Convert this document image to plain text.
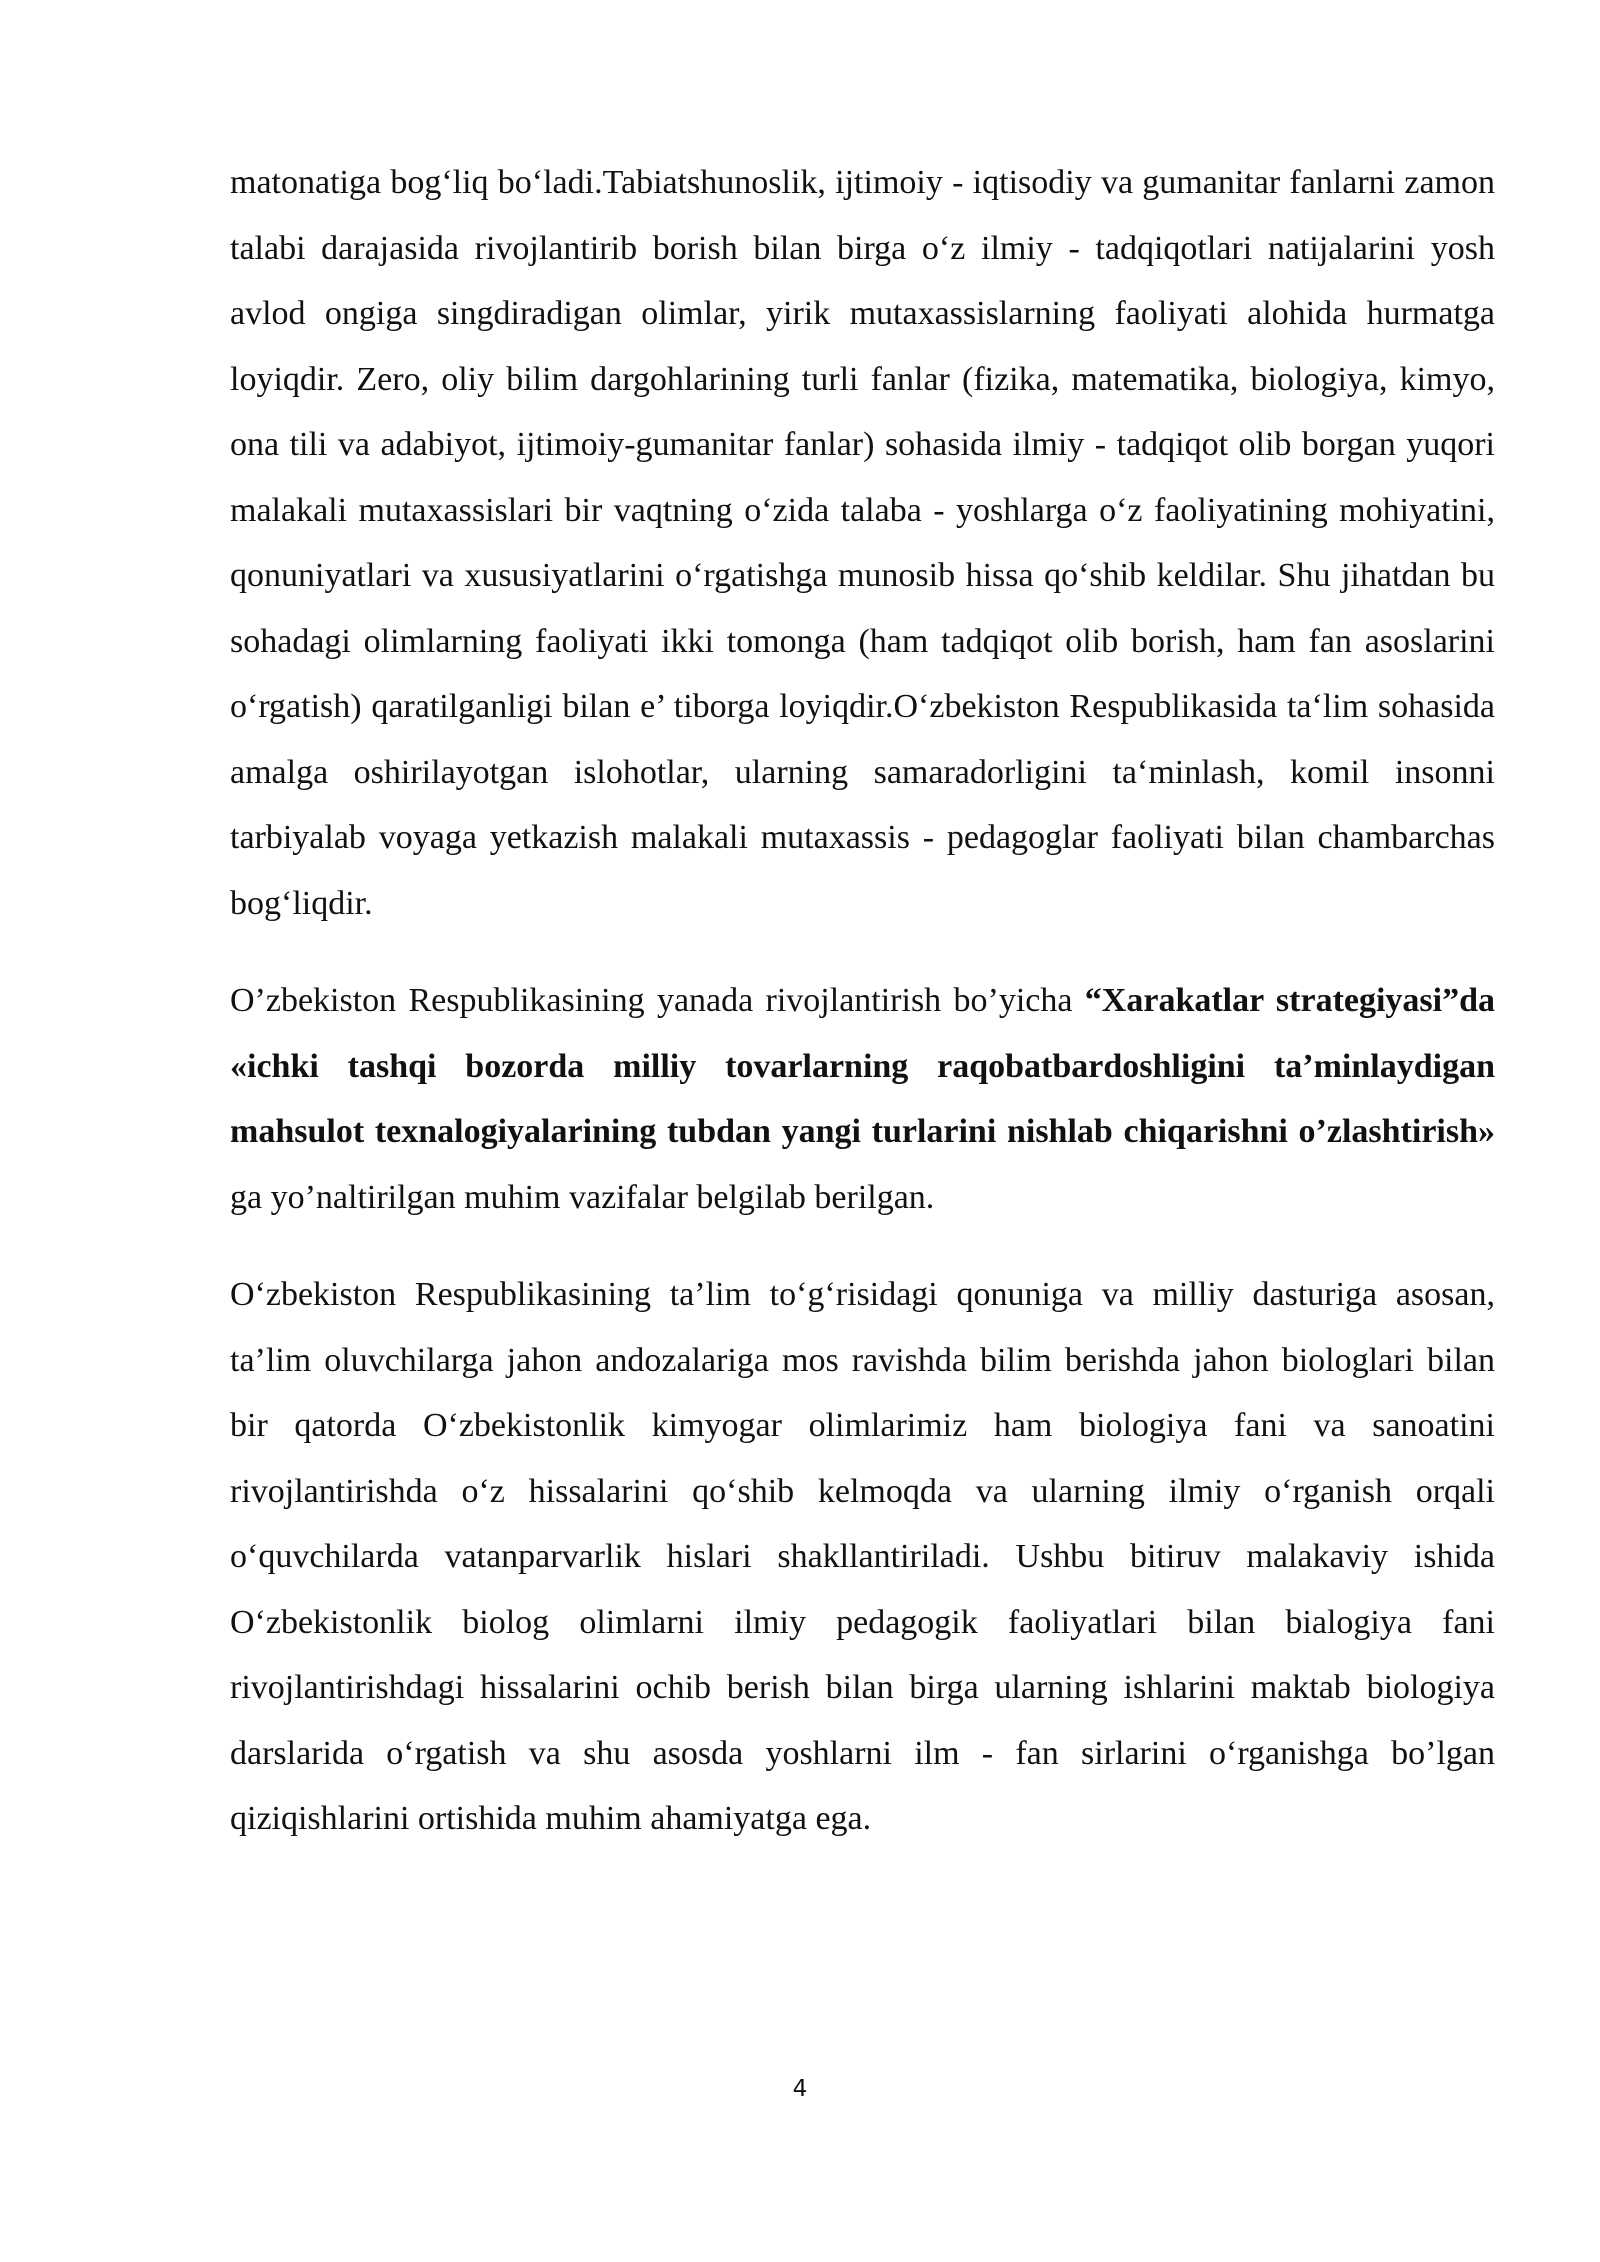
matonatiga bog‘liq bo‘ladi.Tabiatshunoslik, ijtimoiy - iqtisodiy va gumanitar fanlarni zamon talabi darajasida rivojlantirib borish bilan birga o‘z ilmiy - tadqiqotlari natijalarini yosh avlod ongiga singdiradigan olimlar, yirik mutaxassislarning faoliyati alohida hurmatga loyiqdir. Zero, oliy bilim dargohlarining turli fanlar (fizika, matematika, biologiya, kimyo, ona tili va adabiyot, ijtimoiy-gumanitar fanlar) sohasida ilmiy - tadqiqot olib borgan yuqori malakali mutaxassislari bir vaqtning o‘zida talaba - yoshlarga o‘z faoliyatining mohiyatini, qonuniyatlari va xususiyatlarini o‘rgatishga munosib hissa qo‘shib keldilar. Shu jihatdan bu sohadagi olimlarning faoliyati ikki tomonga (ham tadqiqot olib borish, ham fan asoslarini o‘rgatish) qaratilganligi bilan e’ tiborga loyiqdir.O‘zbekiston Respublikasida ta‘lim sohasida amalga oshirilayotgan islohotlar, ularning samaradorligini ta‘minlash, komil insonni tarbiyalab voyaga yetkazish malakali mutaxassis - pedagoglar faoliyati bilan chambarchas bog‘liqdir.

O’zbekiston Respublikasining yanada rivojlantirish bo’yicha “Xarakatlar strategiyasi”da «ichki tashqi bozorda milliy tovarlarning raqobatbardoshligini ta’minlaydigan mahsulot texnalogiyalarining tubdan yangi turlarini nishlab chiqarishni o’zlashtirish» ga yo’naltirilgan muhim vazifalar belgilab berilgan.

O‘zbekiston Respublikasining ta’lim to‘g‘risidagi qonuniga va milliy dasturiga asosan, ta’lim oluvchilarga jahon andozalariga mos ravishda bilim berishda jahon biologlari bilan bir qatorda O‘zbekistonlik kimyogar olimlarimiz ham biologiya fani va sanoatini rivojlantirishda o‘z hissalarini qo‘shib kelmoqda va ularning ilmiy o‘rganish orqali o‘quvchilarda vatanparvarlik hislari shakllantiriladi. Ushbu bitiruv malakaviy ishida O‘zbekistonlik biolog olimlarni ilmiy pedagogik faoliyatlari bilan bialogiya fani rivojlantirishdagi hissalarini ochib berish bilan birga ularning ishlarini maktab biologiya darslarida o‘rgatish va shu asosda yoshlarni ilm - fan sirlarini o‘rganishga bo’lgan qiziqishlarini ortishida muhim ahamiyatga ega.

4
